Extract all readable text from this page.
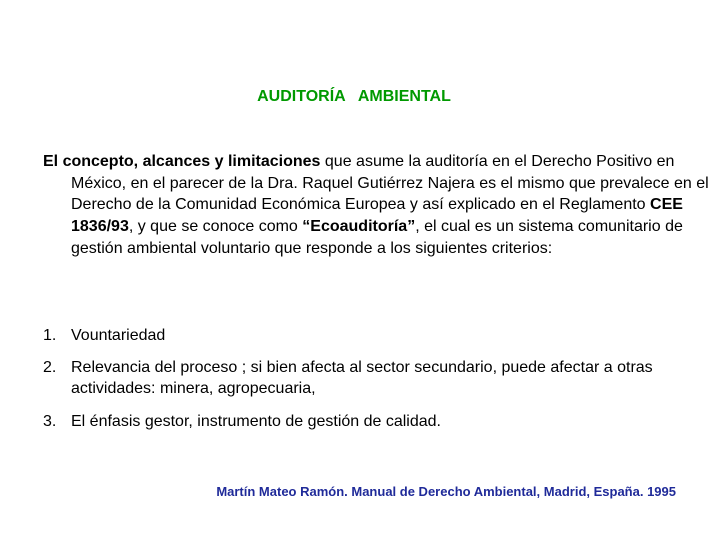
AUDITORÍA   AMBIENTAL

El concepto, alcances y limitaciones que asume la auditoría en el Derecho Positivo en México, en el parecer de la Dra. Raquel Gutiérrez Najera es el mismo que prevalece en el Derecho de la Comunidad Económica Europea y así explicado en el Reglamento CEE 1836/93, y que se conoce como “Ecoauditoría”, el cual es un sistema comunitario de gestión ambiental voluntario que responde a los siguientes criterios:

1. Vountariedad
2. Relevancia del proceso ; si bien afecta al sector secundario, puede afectar a otras actividades: minera, agropecuaria,
3. El énfasis gestor, instrumento de gestión de calidad.
Martín Mateo Ramón. Manual de Derecho Ambiental, Madrid, España. 1995
